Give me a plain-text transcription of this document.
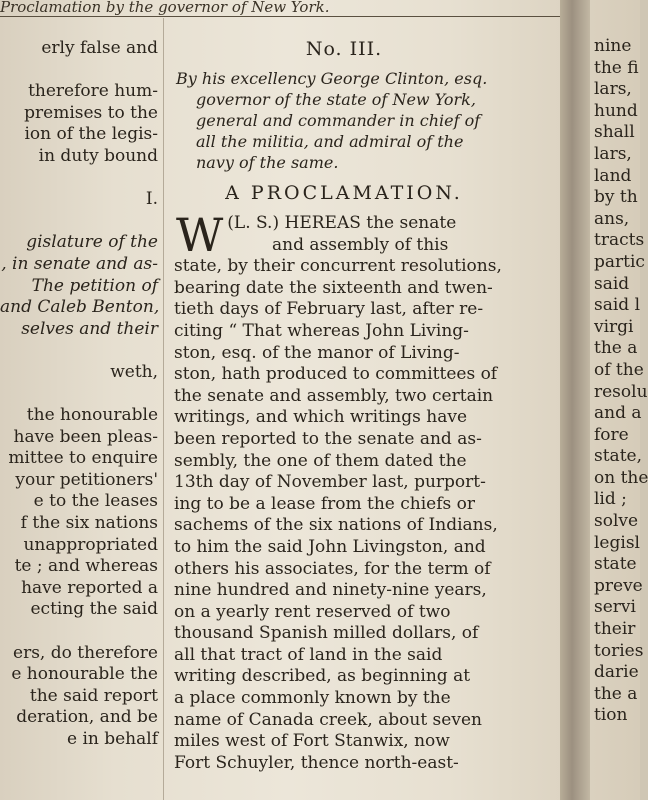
Proclamation by the governor of New York.
erly false and
therefore hum-
premises to the
ion of the legis-
in duty bound
I.
gislature of the
, in senate and as-
The petition of
and Caleb Benton,
selves and their
weth,
the honourable
have been pleas-
mittee to enquire
your petitioners'
e to the leases
f the six nations
unappropriated
te ; and whereas
have reported a
ecting the said
ers, do therefore
e honourable the
the said report
deration, and be
e in behalf
No. III.
By his excellency George Clinton, esq.
governor of the state of New York,
general and commander in chief of
all the militia, and admiral of the
navy of the same.
A PROCLAMATION.
(L. S.)
W	HEREAS the senate
and assembly of this
state, by their concurrent resolutions,
bearing date the sixteenth and twen-
tieth days of February last, after re-
citing “ That whereas John Living-
ston, esq. of the manor of Living-
ston, hath produced to committees of
the senate and assembly, two certain
writings, and which writings have
been reported to the senate and as-
sembly, the one of them dated the
13th day of November last, purport-
ing to be a lease from the chiefs or
sachems of the six nations of Indians,
to him the said John Livingston, and
others his associates, for the term of
nine hundred and ninety-nine years,
on a yearly rent reserved of two
thousand Spanish milled dollars, of
all that tract of land in the said
writing described, as beginning at
a place commonly known by the
name of Canada creek, about seven
miles west of Fort Stanwix, now
Fort Schuyler, thence north-east-
nine
the fi
lars,
hund
shall
lars,
land
by th
ans,
tracts
partic
said
said l
virgi
the a
of the
resolu
and a
fore
state,
on the
lid ;
solve
legisl
state
preve
servi
their
tories
darie
the a
tion
